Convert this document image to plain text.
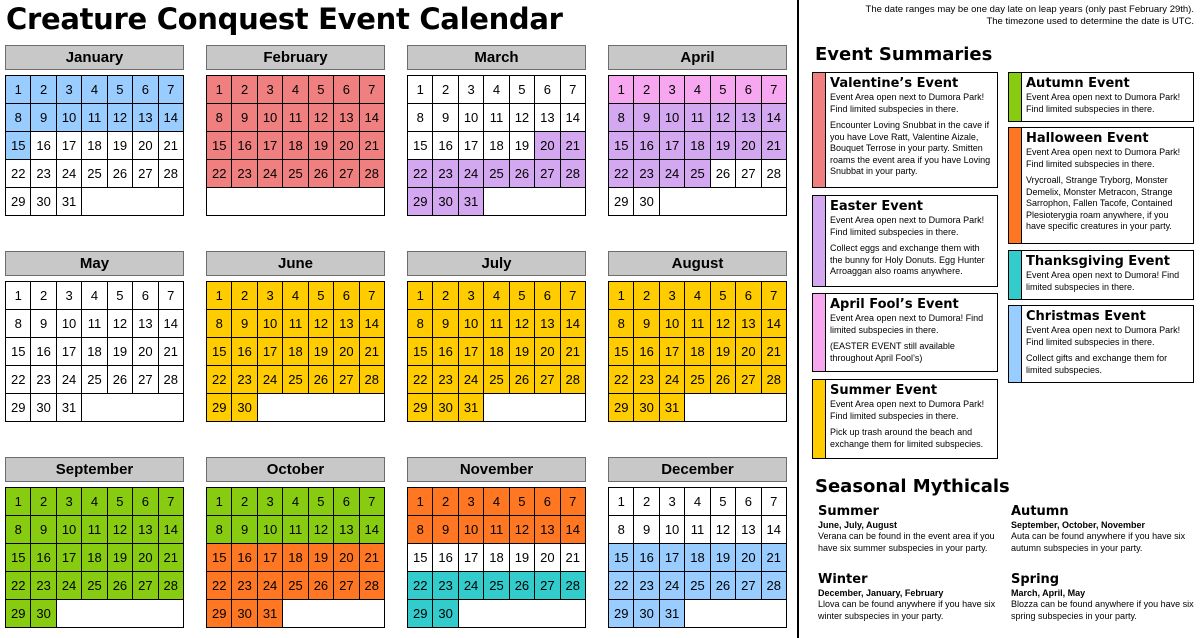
Creature Conquest Event Calendar	The date ranges may be one day late on leap years (only past February 29th).
The timezone used to determine the date is UTC.
January
1	2	3	4	5	6	7
8	9	10 11 12 13 14
15 16 17 18 19 20 21
22 23 24 25 26 27 28
29 30 31
February
1	2	3	4	5	6	7
8	9	10 11 12 13 14
15 16 17 18 19 20 21
22 23 24 25 26 27 28
March
1	2	3	4	5	6	7
8	9	10 11 12 13 14
15 16 17 18 19 20 21
22 23 24 25 26 27 28
29 30 31
April
1	2	3	4	5	6	7
8	9	10 11 12 13 14
15 16 17 18 19 20 21
22 23 24 25 26 27 28
29 30
May
1	2	3	4	5	6	7
8	9	10 11 12 13 14
15 16 17 18 19 20 21
22 23 24 25 26 27 28
29 30 31
June
1	2	3	4	5	6	7
8	9	10 11 12 13 14
15 16 17 18 19 20 21
22 23 24 25 26 27 28
29 30
July
1	2	3	4	5	6	7
8	9	10 11 12 13 14
15 16 17 18 19 20 21
22 23 24 25 26 27 28
29 30 31
August
1	2	3	4	5	6	7
8	9	10 11 12 13 14
15 16 17 18 19 20 21
22 23 24 25 26 27 28
29 30 31
September
1	2	3	4	5	6	7
8	9	10 11 12 13 14
15 16 17 18 19 20 21
22 23 24 25 26 27 28
29 30
October
1	2	3	4	5	6	7
8	9	10 11 12 13 14
15 16 17 18 19 20 21
22 23 24 25 26 27 28
29 30 31
November
1	2	3	4	5	6	7
8	9	10 11 12 13 14
15 16 17 18 19 20 21
22 23 24 25 26 27 28
29 30
December
1	2	3	4	5	6	7
8	9	10 11 12 13 14
15 16 17 18 19 20 21
22 23 24 25 26 27 28
29 30 31
Event Summaries
Valentine’s Event
Event Area open next to Dumora Park! Find limited subspecies in there.
Encounter Loving Snubbat in the cave if you have Love Ratt, Valentine Aizale, Bouquet Terrose in your party. Smitten roams the event area if you have Loving Snubbat in your party.
Easter Event
Event Area open next to Dumora Park! Find limited subspecies in there.
Collect eggs and exchange them with the bunny for Holy Donuts. Egg Hunter Arroaggan also roams anywhere.
April Fool’s Event
Event Area open next to Dumora! Find limited subspecies in there.
(EASTER EVENT still available throughout April Fool’s)
Summer Event
Event Area open next to Dumora Park! Find limited subspecies in there.
Pick up trash around the beach and exchange them for limited subspecies.
Autumn Event
Event Area open next to Dumora Park! Find limited subspecies in there.
Halloween Event
Event Area open next to Dumora Park! Find limited subspecies in there.
Vrycroall, Strange Tryborg, Monster Demelix, Monster Metracon, Strange Sarrophon, Fallen Tacofe, Contained Plesioterygia roam anywhere, if you have specific creatures in your party.
Thanksgiving Event
Event Area open next to Dumora! Find limited subspecies in there.
Christmas Event
Event Area open next to Dumora Park! Find limited subspecies in there.
Collect gifts and exchange them for limited subspecies.
Seasonal Mythicals
Summer
June, July, August
Verana can be found in the event area if you have six summer subspecies in your party.
Autumn
September, October, November
Auta can be found anywhere if you have six autumn subspecies in your party.
Winter
December, January, February
Llova can be found anywhere if you have six winter subspecies in your party.
Spring
March, April, May
Blozza can be found anywhere if you have six spring subspecies in your party.
